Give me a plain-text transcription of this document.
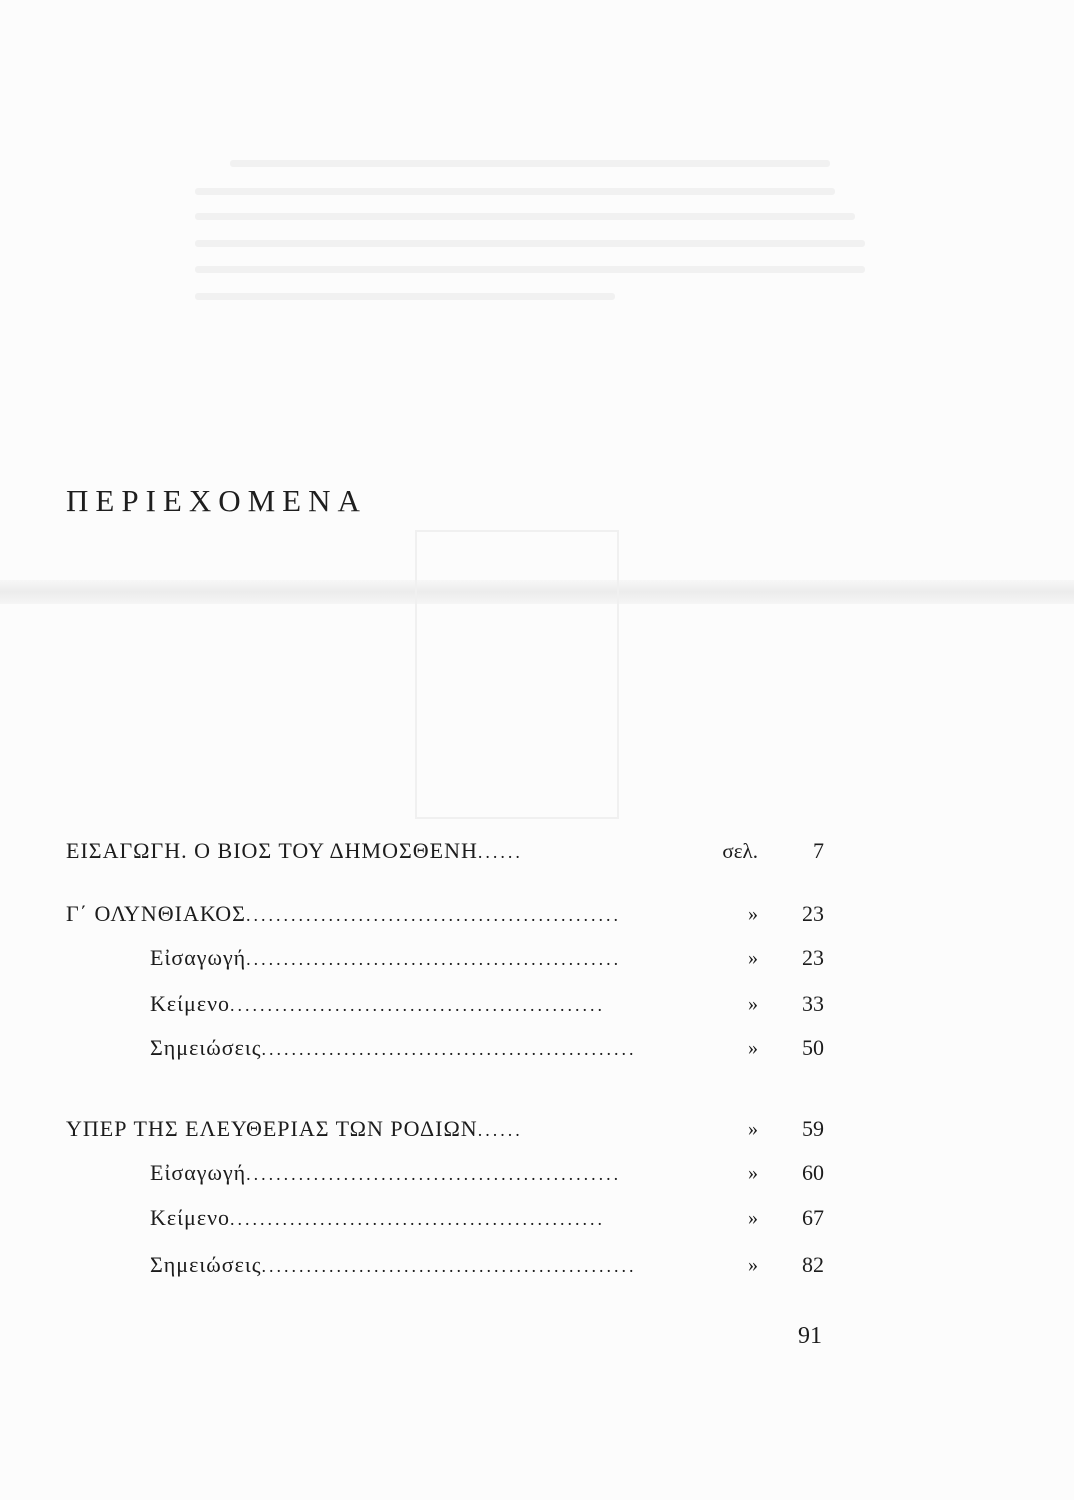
ΠΕΡΙΕΧΟΜΕΝΑ
ΕΙΣΑΓΩΓΗ. Ο ΒΙΟΣ ΤΟΥ ΔΗΜΟΣΘΕΝΗ......	σελ.	7
Γ΄ ΟΛΥΝΘΙΑΚΟΣ..................................................	» 23
Εἰσαγωγή..................................................	» 23
Κείμενο..................................................	» 33
Σημειώσεις..................................................	» 50
ΥΠΕΡ ΤΗΣ ΕΛΕΥΘΕΡΙΑΣ ΤΩΝ ΡΟΔΙΩΝ......	» 59
Εἰσαγωγή..................................................	» 60
Κείμενο..................................................	» 67
Σημειώσεις..................................................	» 82
91
